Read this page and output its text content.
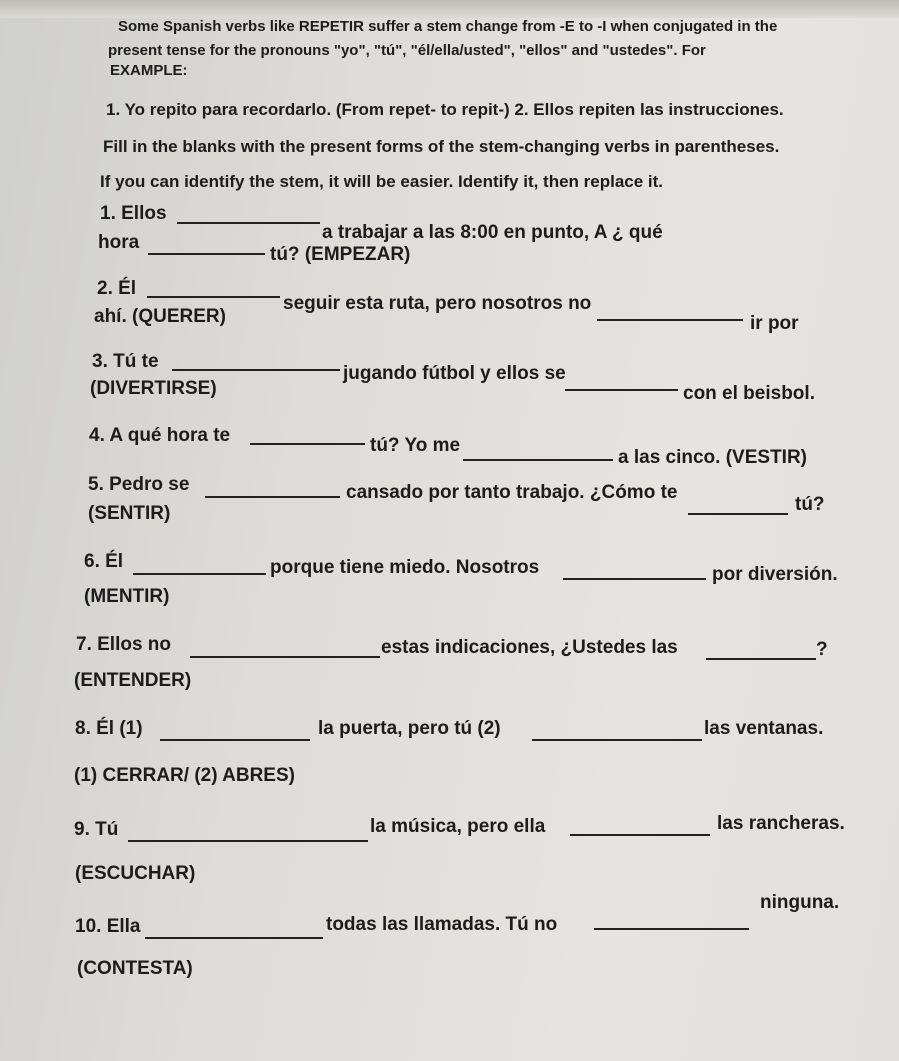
Some Spanish verbs like REPETIR suffer a stem change from -E to -I when conjugated in the
present tense for the pronouns "yo", "tú", "él/ella/usted", "ellos" and "ustedes". For
EXAMPLE:
1. Yo repito para recordarlo. (From repet- to repit-) 2. Ellos repiten las instrucciones.
Fill in the blanks with the present forms of the stem-changing verbs in parentheses.
If you can identify the stem, it will be easier. Identify it, then replace it.
1. Ellos
a trabajar a las 8:00 en punto, A ¿ qué
hora
tú? (EMPEZAR)
2. Él
seguir esta ruta, pero nosotros no
ir por
ahí. (QUERER)
3. Tú te
jugando fútbol y ellos se
con el beisbol.
(DIVERTIRSE)
4. A qué hora te	tú? Yo me
a las cinco. (VESTIR)
5. Pedro se	cansado por tanto trabajo. ¿Cómo te
tú?
(SENTIR)
6. Él	porque tiene miedo. Nosotros	por diversión.
(MENTIR)
7. Ellos no	estas indicaciones, ¿Ustedes las	?
(ENTENDER)
8. Él (1)	la puerta, pero tú (2)	las ventanas.
(1) CERRAR/ (2) ABRES)
9. Tú	la música, pero ella	las rancheras.
(ESCUCHAR)
10. Ella	todas las llamadas. Tú no
ninguna.
(CONTESTA)
